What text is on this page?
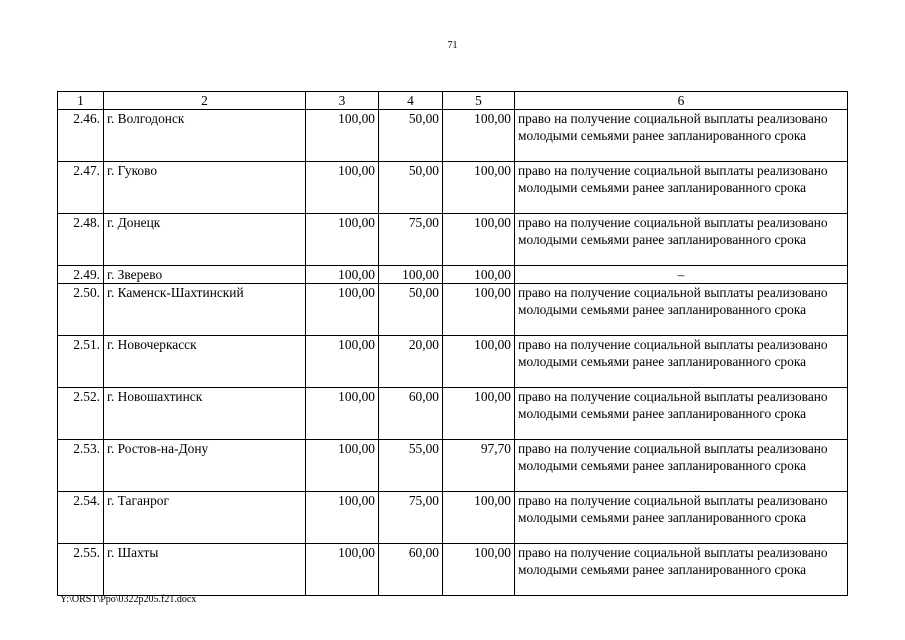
71
1	2	3	4	5	6
2.46.	г. Волгодонск	100,00	50,00	100,00	право на получение социальной выплаты реализовано молодыми семьями ранее запланированного срока
2.47.	г. Гуково	100,00	50,00	100,00	право на получение социальной выплаты реализовано молодыми семьями ранее запланированного срока
2.48.	г. Донецк	100,00	75,00	100,00	право на получение социальной выплаты реализовано молодыми семьями ранее запланированного срока
2.49.	г. Зверево	100,00	100,00	100,00	–
2.50.	г. Каменск-Шахтинский	100,00	50,00	100,00	право на получение социальной выплаты реализовано молодыми семьями ранее запланированного срока
2.51.	г. Новочеркасск	100,00	20,00	100,00	право на получение социальной выплаты реализовано молодыми семьями ранее запланированного срока
2.52.	г. Новошахтинск	100,00	60,00	100,00	право на получение социальной выплаты реализовано молодыми семьями ранее запланированного срока
2.53.	г. Ростов-на-Дону	100,00	55,00	97,70	право на получение социальной выплаты реализовано молодыми семьями ранее запланированного срока
2.54.	г. Таганрог	100,00	75,00	100,00	право на получение социальной выплаты реализовано молодыми семьями ранее запланированного срока
2.55.	г. Шахты	100,00	60,00	100,00	право на получение социальной выплаты реализовано молодыми семьями ранее запланированного срока
Y:\ORST\Ppo\0322p205.f21.docx
